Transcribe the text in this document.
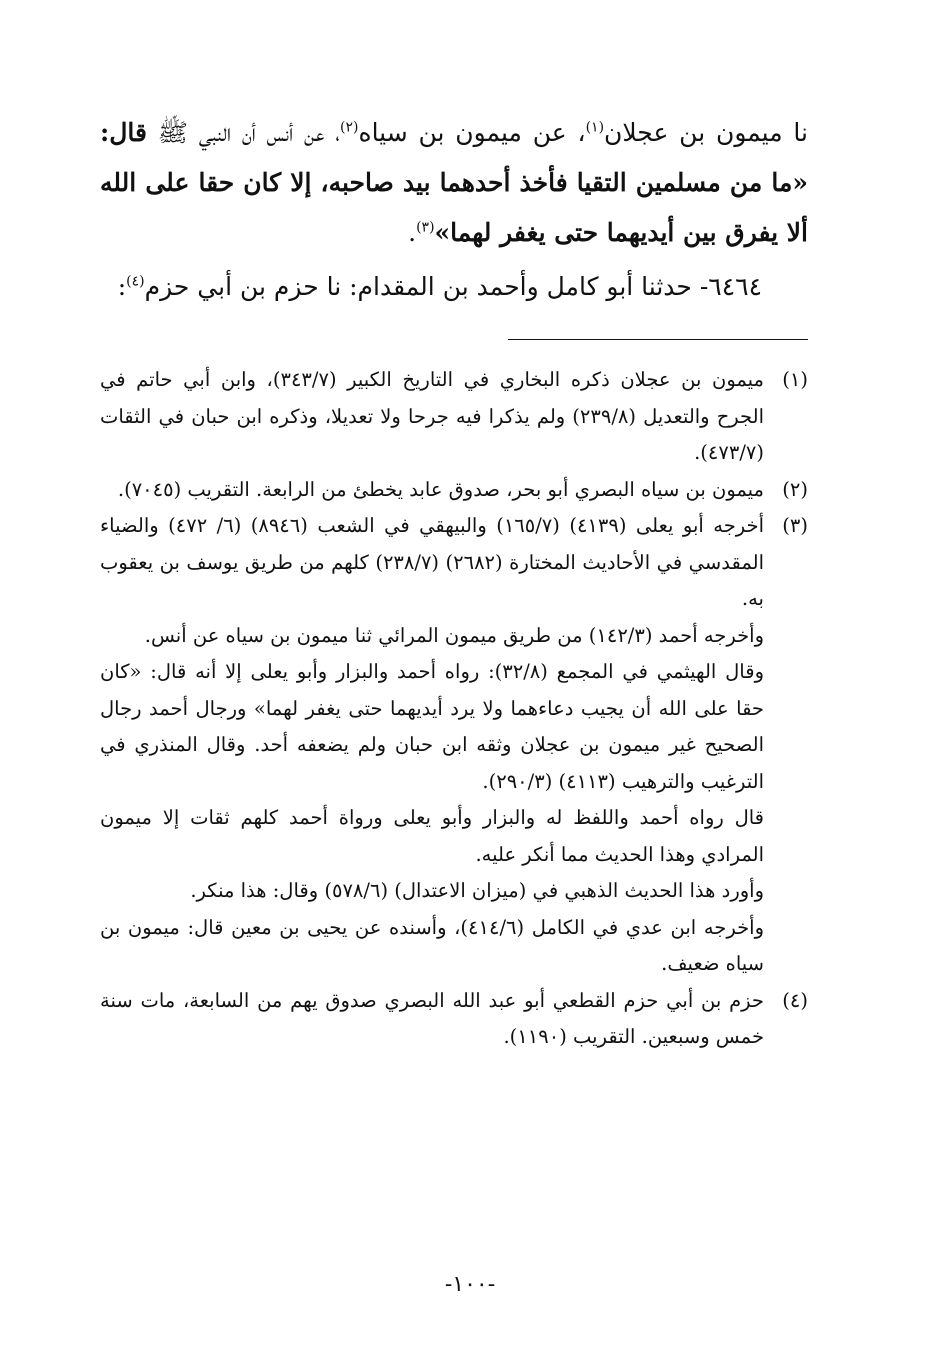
نا ميمون بن عجلان$^{(١)}$، عن ميمون بن سياه$^{(٢)}$، عن أنس أن النبي ﷺ قال: «ما من مسلمين التقيا فأخذ أحدهما بيد صاحبه، إلا كان حقا على الله ألا يفرق بين أيديهما حتى يغفر لهما»$^{(٣)}$.

٦٤٦٤- حدثنا أبو كامل وأحمد بن المقدام: نا حزم بن أبي حزم$^{(٤)}$:

(١)

ميمون بن عجلان ذكره البخاري في التاريخ الكبير (٣٤٣/٧)، وابن أبي حاتم في الجرح والتعديل (٢٣٩/٨) ولم يذكرا فيه جرحا ولا تعديلا، وذكره ابن حبان في الثقات (٤٧٣/٧).

(٢)

ميمون بن سياه البصري أبو بحر، صدوق عابد يخطئ من الرابعة. التقريب (٧٠٤٥).

(٣)

أخرجه أبو يعلى (٤١٣٩) (١٦٥/٧) والبيهقي في الشعب (٨٩٤٦) (٦/ ٤٧٢) والضياء المقدسي في الأحاديث المختارة (٢٦٨٢) (٢٣٨/٧) كلهم من طريق يوسف بن يعقوب به.

وأخرجه أحمد (١٤٢/٣) من طريق ميمون المرائي ثنا ميمون بن سياه عن أنس.

وقال الهيثمي في المجمع (٣٢/٨): رواه أحمد والبزار وأبو يعلى إلا أنه قال: «كان حقا على الله أن يجيب دعاءهما ولا يرد أيديهما حتى يغفر لهما» ورجال أحمد رجال الصحيح غير ميمون بن عجلان وثقه ابن حبان ولم يضعفه أحد. وقال المنذري في الترغيب والترهيب (٤١١٣) (٢٩٠/٣).

قال رواه أحمد واللفظ له والبزار وأبو يعلى ورواة أحمد كلهم ثقات إلا ميمون المرادي وهذا الحديث مما أنكر عليه.

وأورد هذا الحديث الذهبي في (ميزان الاعتدال) (٥٧٨/٦) وقال: هذا منكر.

وأخرجه ابن عدي في الكامل (٤١٤/٦)، وأسنده عن يحيى بن معين قال: ميمون بن سياه ضعيف.

(٤)

حزم بن أبي حزم القطعي أبو عبد الله البصري صدوق يهم من السابعة، مات سنة خمس وسبعين. التقريب (١١٩٠).

-١٠٠-
